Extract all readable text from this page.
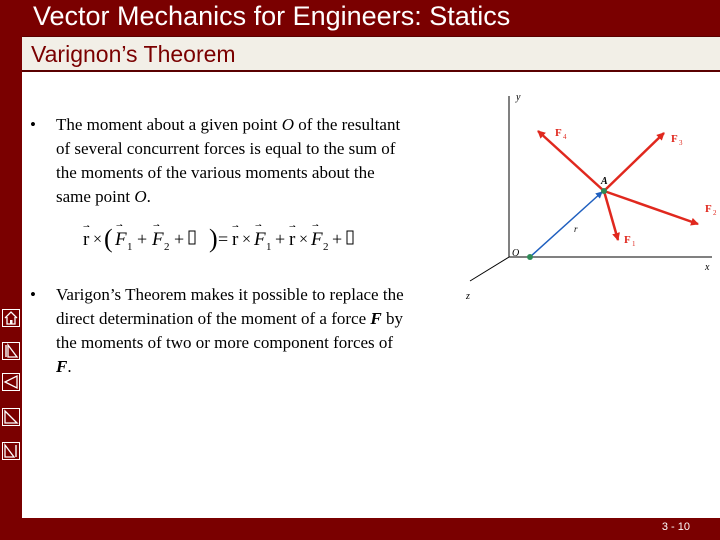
Vector Mechanics for Engineers: Statics
Varignon’s Theorem
•	The moment about a given point O of the resultant of several concurrent forces is equal to the sum of the moments of the various moments about the same point O.
r
⇀
× ( F
⇀
1 + F
⇀
2 + ) = r
⇀
× F
⇀
1 + r
⇀
× F
⇀
2 +
•	Varigon’s Theorem makes it possible to replace the direct determination of the moment of a force F by the moments of two or more component forces of F.
y
x
z
r
O
A
F 4	F 3
F 2
F 1
3 - 10
